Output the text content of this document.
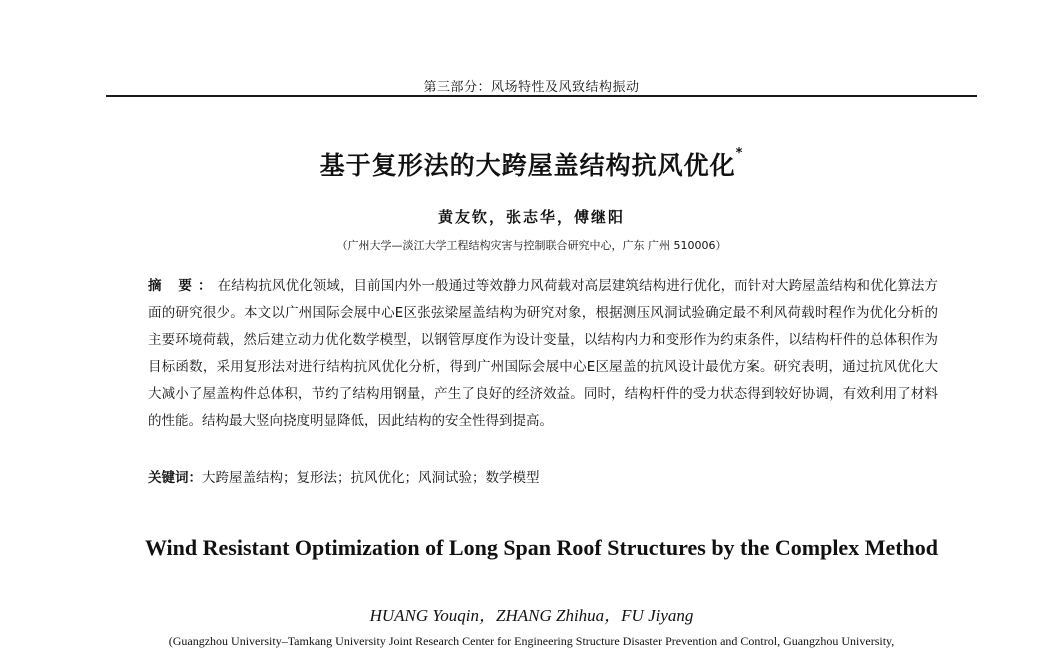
第三部分：风场特性及风致结构振动
基于复形法的大跨屋盖结构抗风优化*
黄友钦，张志华，傅继阳
（广州大学—淡江大学工程结构灾害与控制联合研究中心，广东 广州 510006）
摘 要：在结构抗风优化领域，目前国内外一般通过等效静力风荷载对高层建筑结构进行优化，而针对大跨屋盖结构和优化算法方面的研究很少。本文以广州国际会展中心E区张弦梁屋盖结构为研究对象，根据测压风洞试验确定最不利风荷载时程作为优化分析的主要环境荷载，然后建立动力优化数学模型，以钢管厚度作为设计变量，以结构内力和变形作为约束条件，以结构杆件的总体积作为目标函数，采用复形法对进行结构抗风优化分析，得到广州国际会展中心E区屋盖的抗风设计最优方案。研究表明，通过抗风优化大大减小了屋盖构件总体积，节约了结构用钢量，产生了良好的经济效益。同时，结构杆件的受力状态得到较好协调，有效利用了材料的性能。结构最大竖向挠度明显降低，因此结构的安全性得到提高。
关键词：大跨屋盖结构；复形法；抗风优化；风洞试验；数学模型
Wind Resistant Optimization of Long Span Roof Structures by the Complex Method
HUANG Youqin，ZHANG Zhihua，FU Jiyang
(Guangzhou University–Tamkang University Joint Research Center for Engineering Structure Disaster Prevention and Control, Guangzhou University,
